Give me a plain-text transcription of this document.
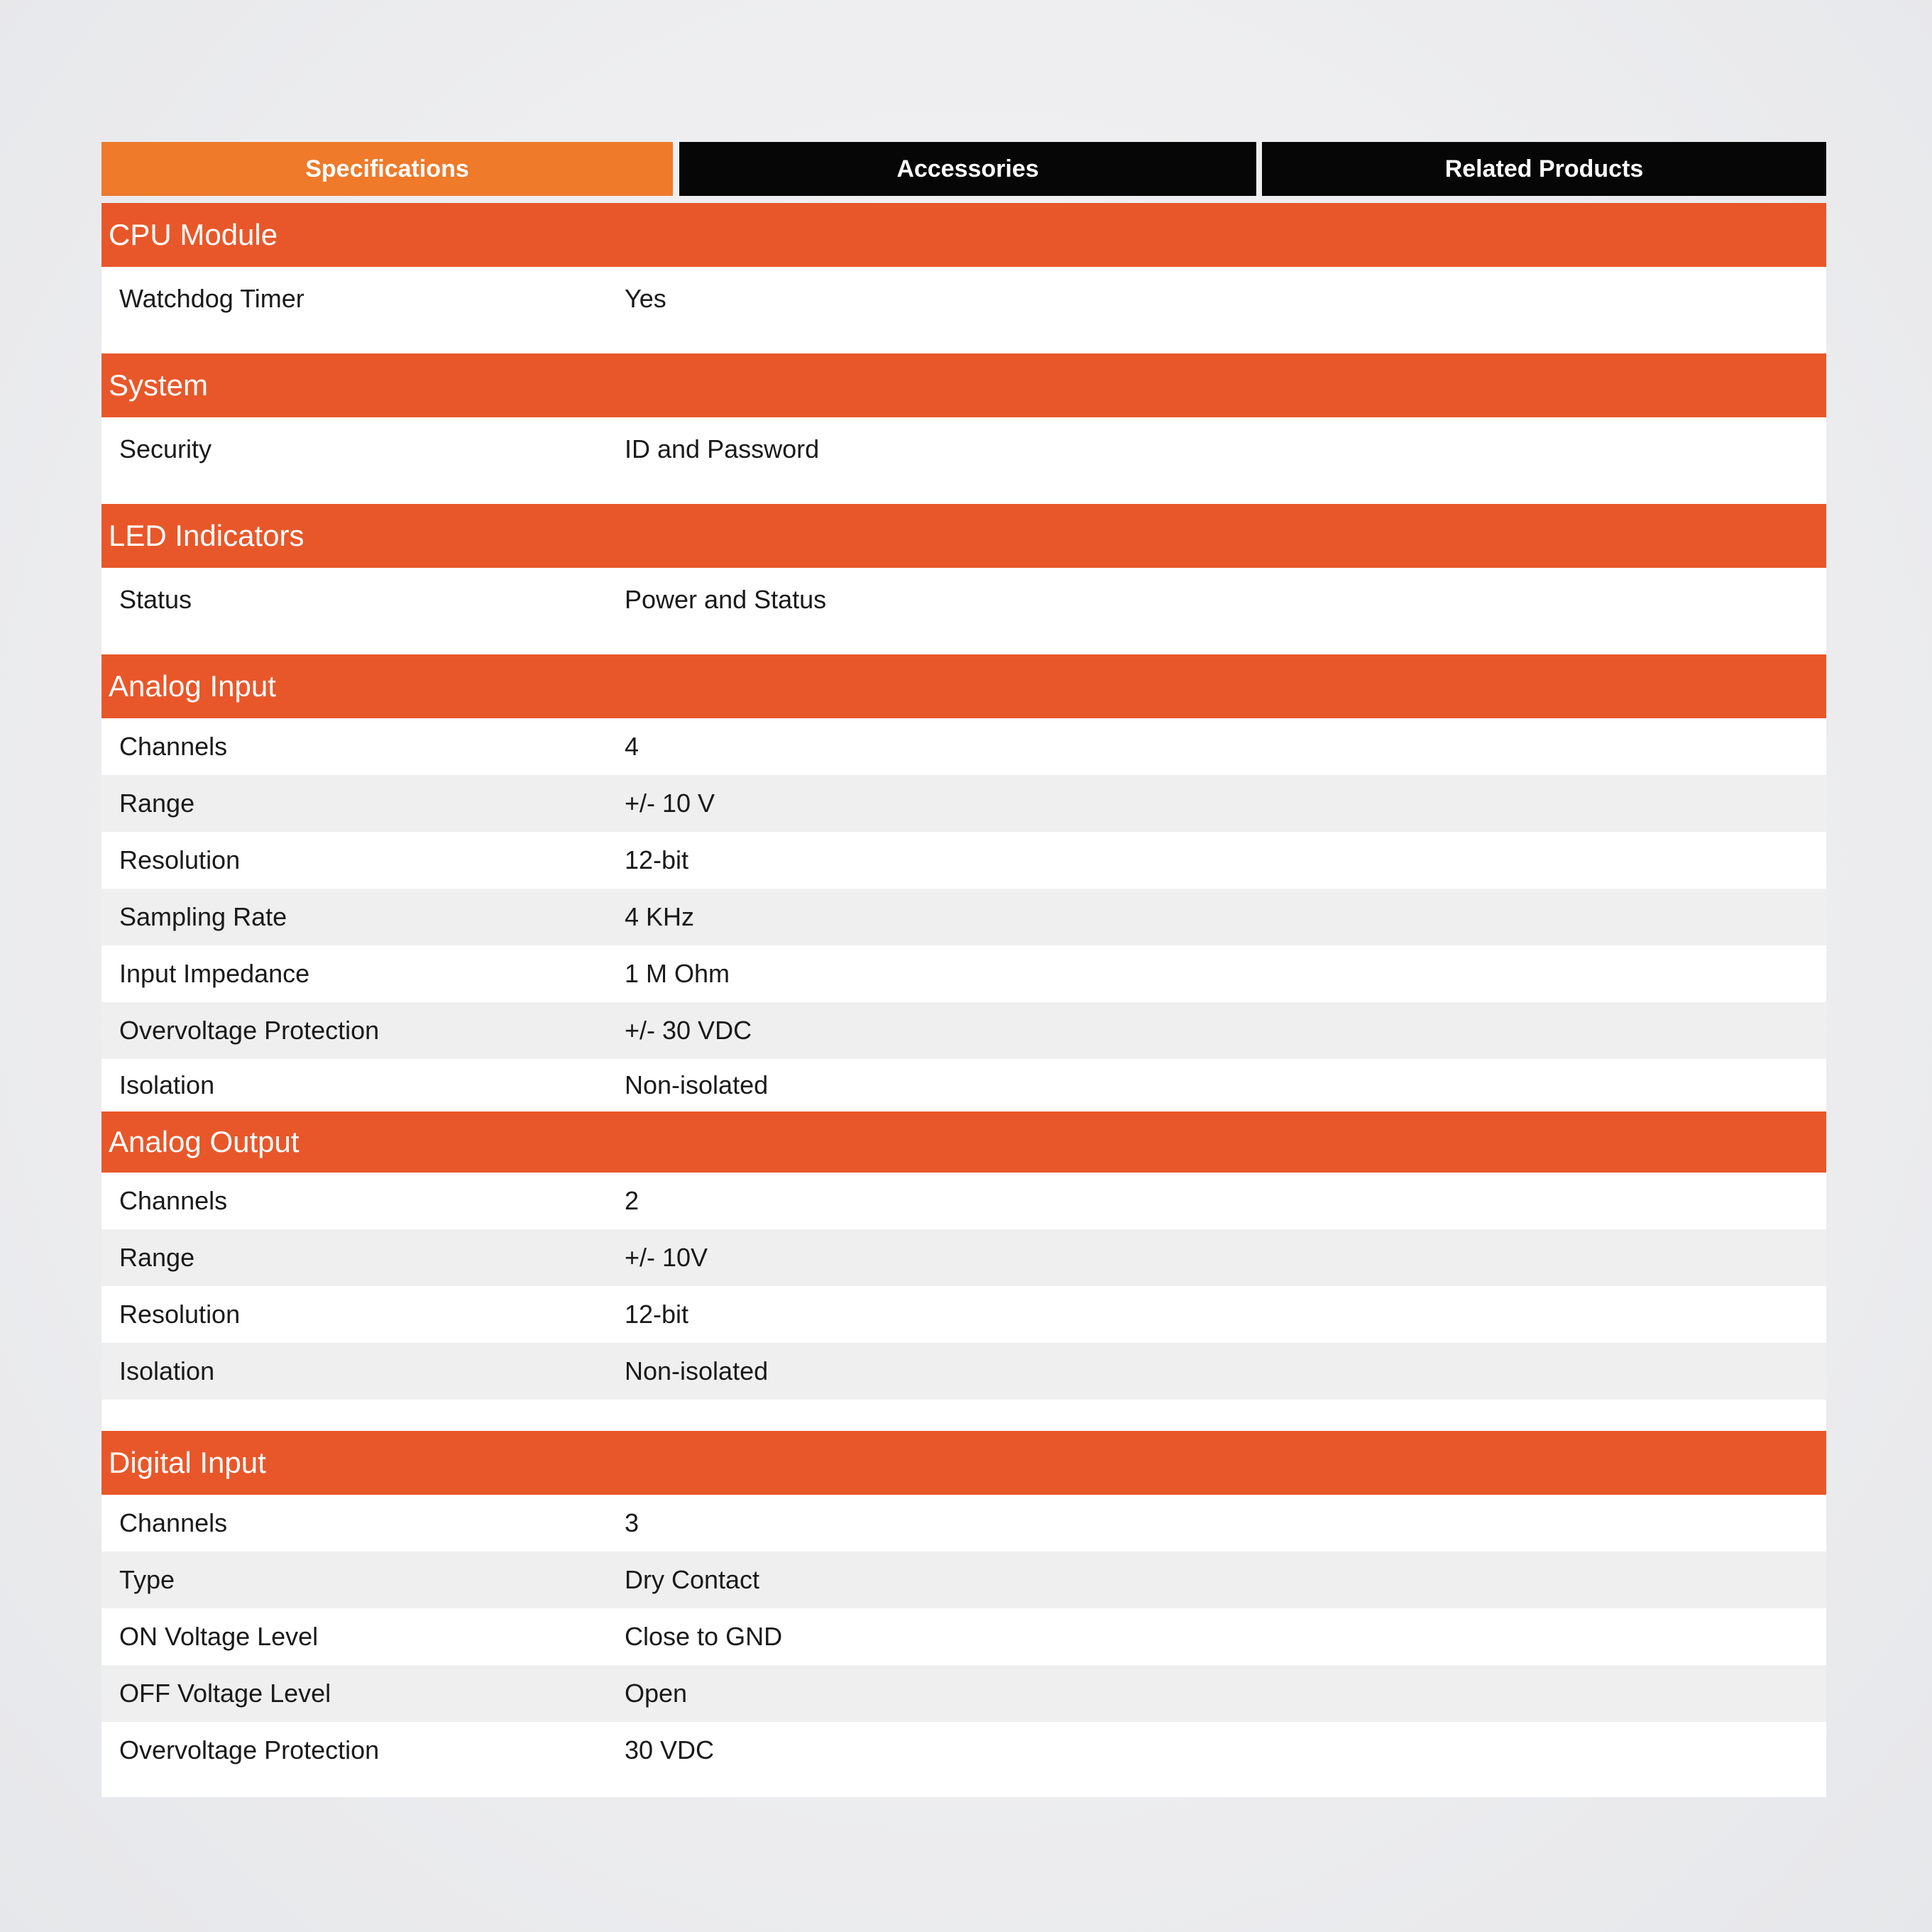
Specifications	Accessories	Related Products
CPU Module
Watchdog Timer	Yes
System
Security	ID and Password
LED Indicators
Status	Power and Status
Analog Input
Channels	4
Range	+/- 10 V
Resolution	12-bit
Sampling Rate	4 KHz
Input Impedance	1 M Ohm
Overvoltage Protection	+/- 30 VDC
Isolation	Non-isolated
Analog Output
Channels	2
Range	+/- 10V
Resolution	12-bit
Isolation	Non-isolated
Digital Input
Channels	3
Type	Dry Contact
ON Voltage Level	Close to GND
OFF Voltage Level	Open
Overvoltage Protection	30 VDC
